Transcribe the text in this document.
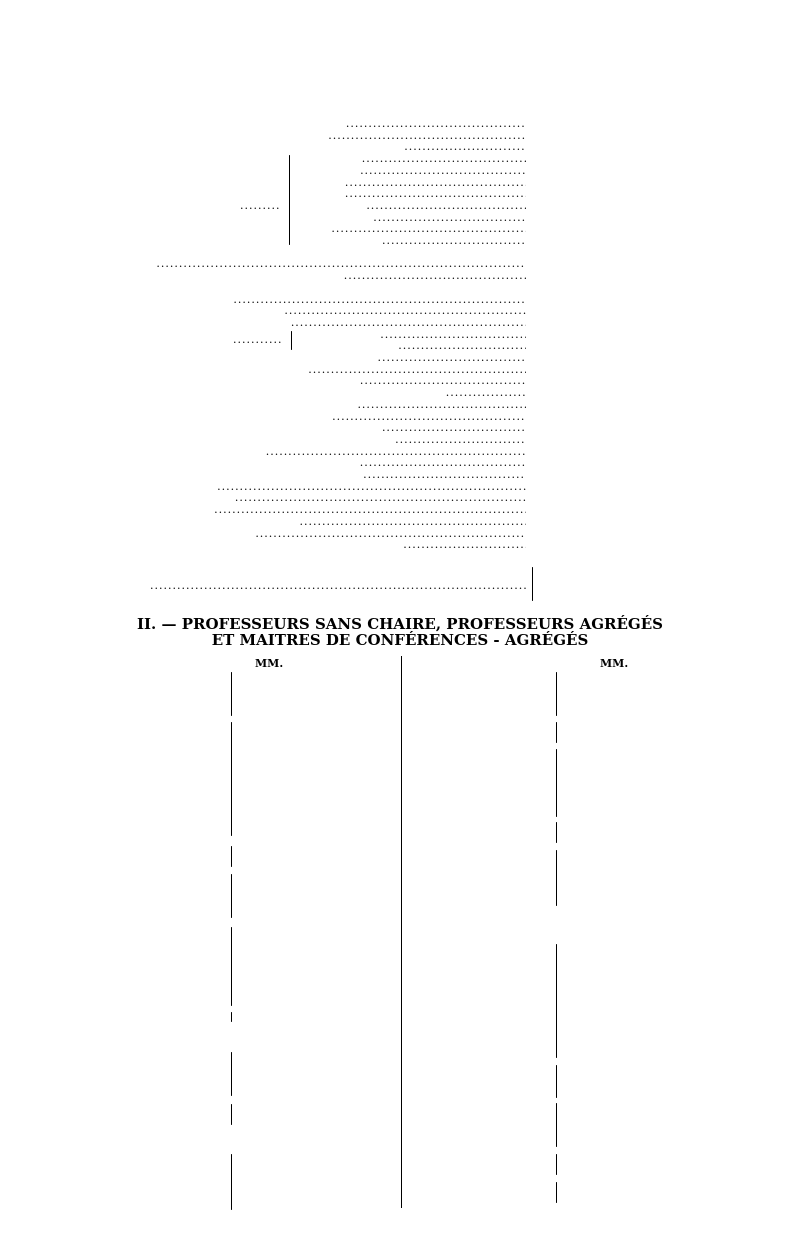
.....
.....
.....
.....
.....
.....
.....
.....
.....
.....
.....
.....
.....
.....
.....
.....
.....
.....
.....
.....
.....
.....
.....
.....
.....
.....
.....
.....
.....
.....
.....
.....
.....
.....
.....
.....
.....
.....
II. — PROFESSEURS SANS CHAIRE, PROFESSEURS AGRÉGÉS
ET MAITRES DE CONFÉRENCES - AGRÉGÉS
MM.	MM.
